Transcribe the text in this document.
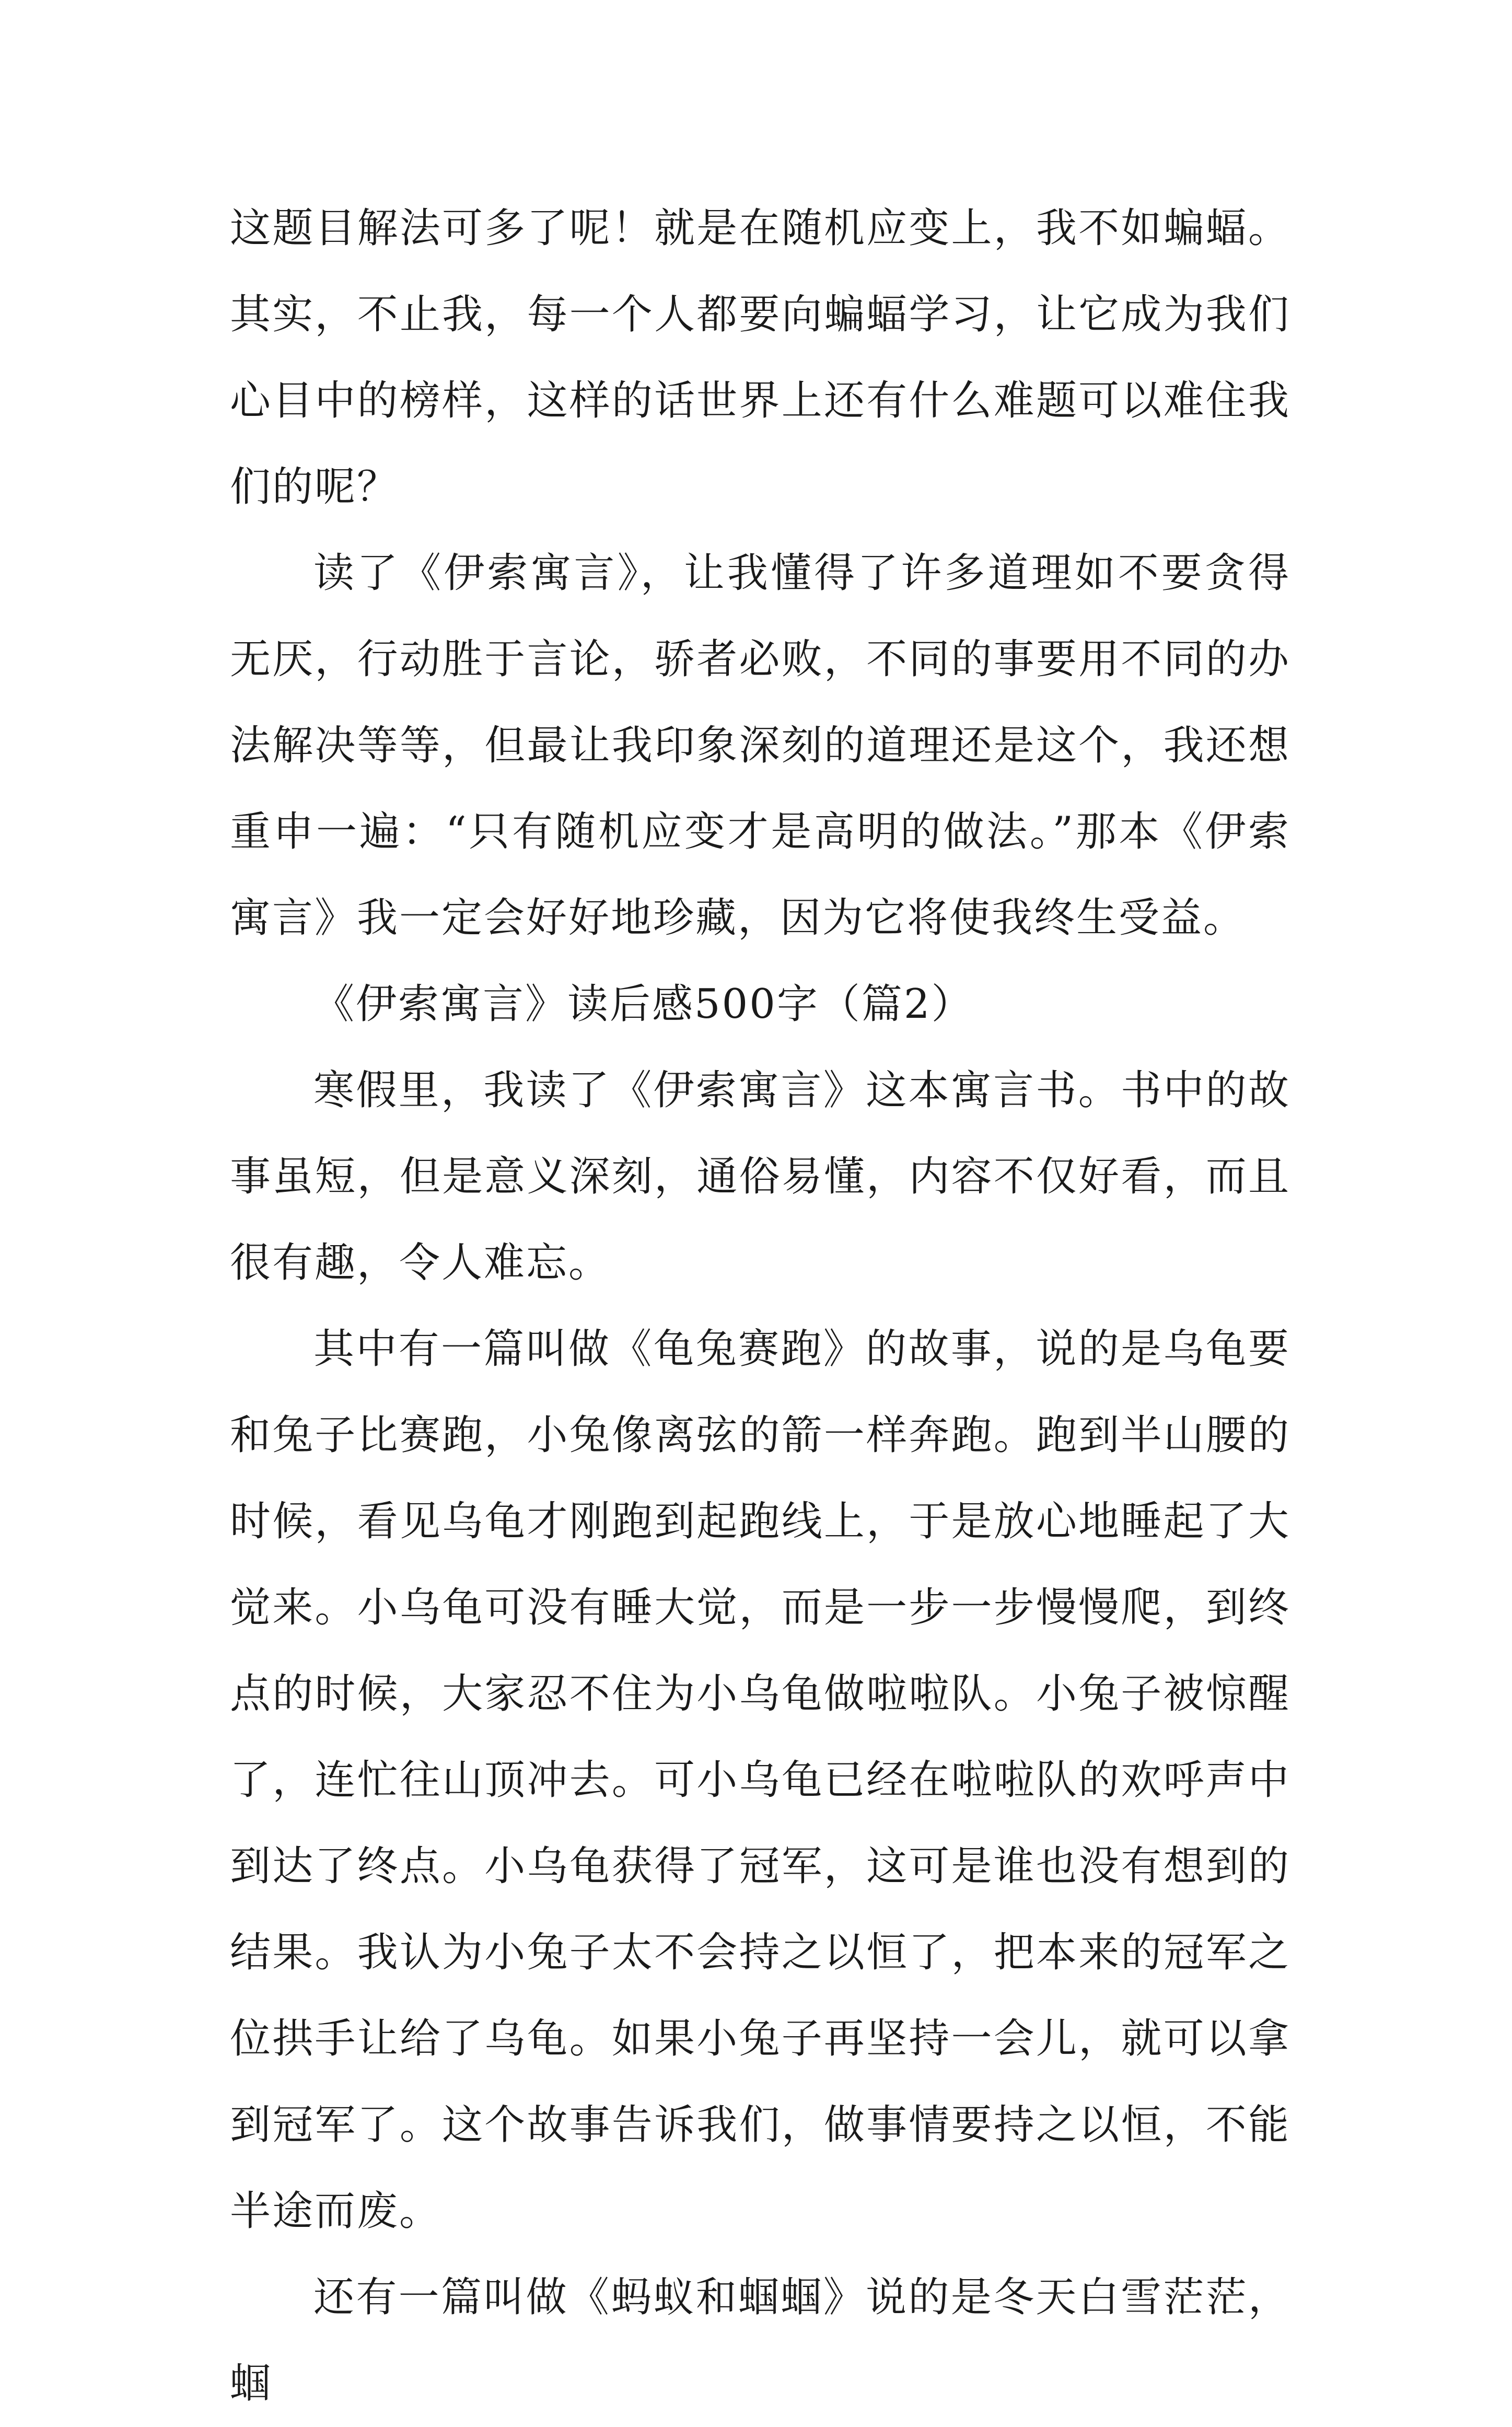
这题目解法可多了呢！就是在随机应变上，我不如蝙蝠。其实，不止我，每一个人都要向蝙蝠学习，让它成为我们心目中的榜样，这样的话世界上还有什么难题可以难住我们的呢？

读了《伊索寓言》，让我懂得了许多道理如不要贪得无厌，行动胜于言论，骄者必败，不同的事要用不同的办法解决等等，但最让我印象深刻的道理还是这个，我还想重申一遍：“只有随机应变才是高明的做法。”那本《伊索寓言》我一定会好好地珍藏，因为它将使我终生受益。

《伊索寓言》读后感500字（篇2）

寒假里，我读了《伊索寓言》这本寓言书。书中的故事虽短，但是意义深刻，通俗易懂，内容不仅好看，而且很有趣，令人难忘。

其中有一篇叫做《龟兔赛跑》的故事，说的是乌龟要和兔子比赛跑，小兔像离弦的箭一样奔跑。跑到半山腰的时候，看见乌龟才刚跑到起跑线上，于是放心地睡起了大觉来。小乌龟可没有睡大觉，而是一步一步慢慢爬，到终点的时候，大家忍不住为小乌龟做啦啦队。小兔子被惊醒了，连忙往山顶冲去。可小乌龟已经在啦啦队的欢呼声中到达了终点。小乌龟获得了冠军，这可是谁也没有想到的结果。我认为小兔子太不会持之以恒了，把本来的冠军之位拱手让给了乌龟。如果小兔子再坚持一会儿，就可以拿到冠军了。这个故事告诉我们，做事情要持之以恒，不能半途而废。

还有一篇叫做《蚂蚁和蝈蝈》说的是冬天白雪茫茫，蝈
